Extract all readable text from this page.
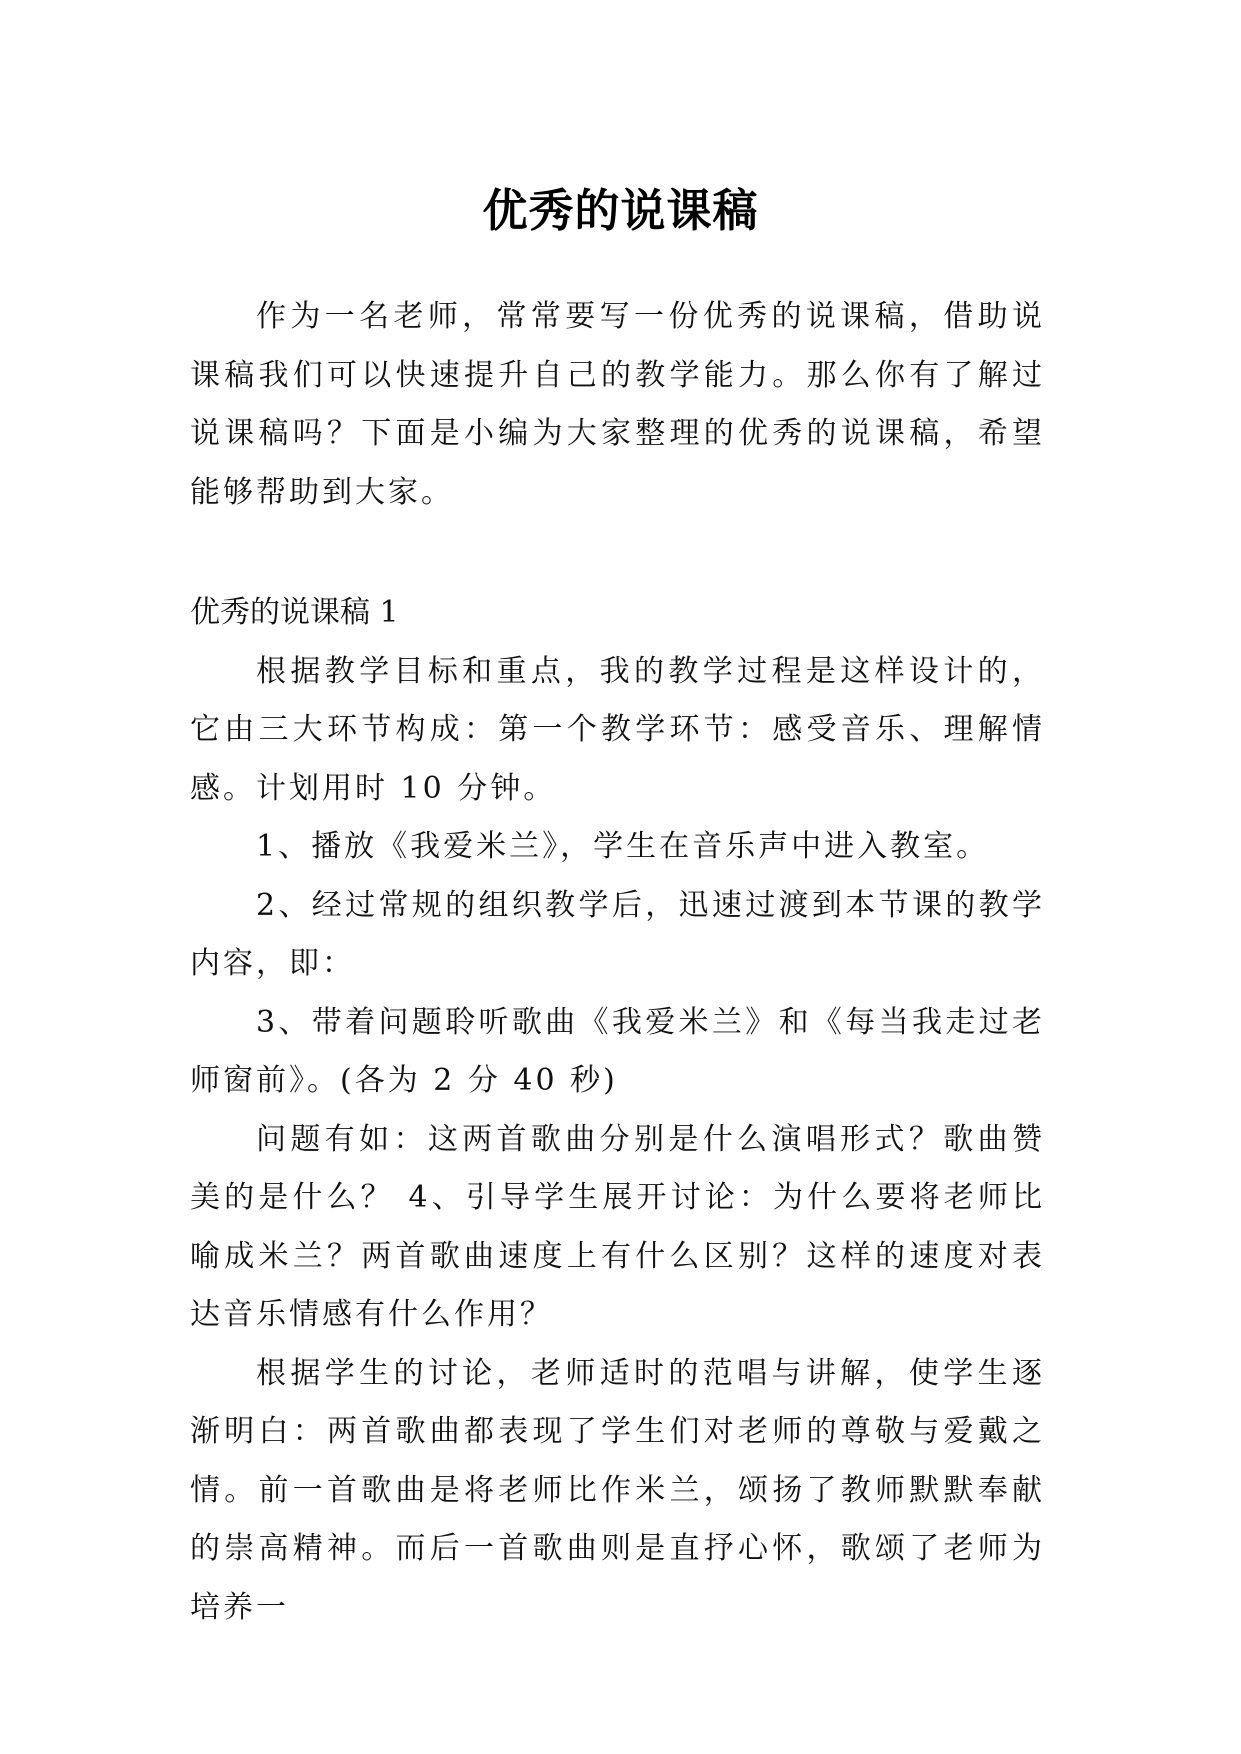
优秀的说课稿

作为一名老师，常常要写一份优秀的说课稿，借助说课稿我们可以快速提升自己的教学能力。那么你有了解过说课稿吗？下面是小编为大家整理的优秀的说课稿，希望能够帮助到大家。

优秀的说课稿 1

根据教学目标和重点，我的教学过程是这样设计的，它由三大环节构成：第一个教学环节：感受音乐、理解情感。计划用时 10 分钟。

1、播放《我爱米兰》，学生在音乐声中进入教室。

2、经过常规的组织教学后，迅速过渡到本节课的教学内容，即：

3、带着问题聆听歌曲《我爱米兰》和《每当我走过老师窗前》。(各为 2 分 40 秒)

问题有如：这两首歌曲分别是什么演唱形式？歌曲赞美的是什么？ 4、引导学生展开讨论：为什么要将老师比喻成米兰？两首歌曲速度上有什么区别？这样的速度对表达音乐情感有什么作用？

根据学生的讨论，老师适时的范唱与讲解，使学生逐渐明白：两首歌曲都表现了学生们对老师的尊敬与爱戴之情。前一首歌曲是将老师比作米兰，颂扬了教师默默奉献 的崇高精神。而后一首歌曲则是直抒心怀，歌颂了老师为培养一
